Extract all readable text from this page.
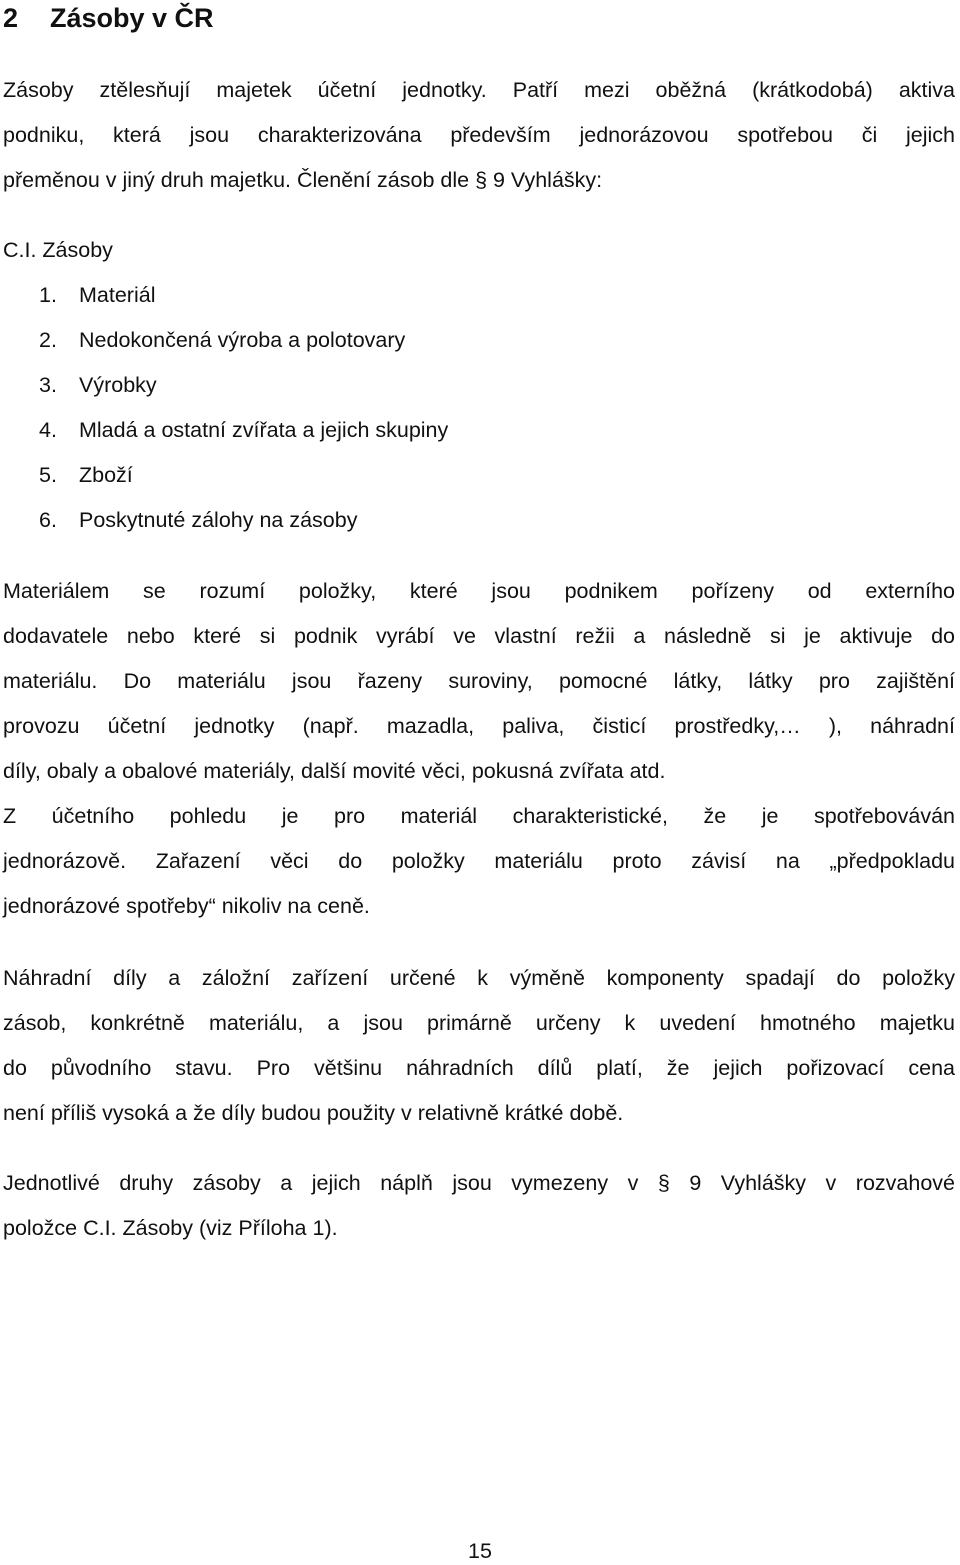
2 Zásoby v ČR

Zásoby ztělesňují majetek účetní jednotky. Patří mezi oběžná (krátkodobá) aktiva
podniku, která jsou charakterizována především jednorázovou spotřebou či jejich
přeměnou v jiný druh majetku. Členění zásob dle § 9 Vyhlášky:

C.I. Zásoby

1. Materiál
2. Nedokončená výroba a polotovary
3. Výrobky
4. Mladá a ostatní zvířata a jejich skupiny
5. Zboží
6. Poskytnuté zálohy na zásoby

Materiálem se rozumí položky, které jsou podnikem pořízeny od externího
dodavatele nebo které si podnik vyrábí ve vlastní režii a následně si je aktivuje do
materiálu. Do materiálu jsou řazeny suroviny, pomocné látky, látky pro zajištění
provozu účetní jednotky (např. mazadla, paliva, čisticí prostředky,… ), náhradní
díly, obaly a obalové materiály, další movité věci, pokusná zvířata atd.
Z účetního pohledu je pro materiál charakteristické, že je spotřebováván
jednorázově. Zařazení věci do položky materiálu proto závisí na „předpokladu
jednorázové spotřeby“ nikoliv na ceně.

Náhradní díly a záložní zařízení určené k výměně komponenty spadají do položky
zásob, konkrétně materiálu, a jsou primárně určeny k uvedení hmotného majetku
do původního stavu. Pro většinu náhradních dílů platí, že jejich pořizovací cena
není příliš vysoká a že díly budou použity v relativně krátké době.

Jednotlivé druhy zásoby a jejich náplň jsou vymezeny v § 9 Vyhlášky v rozvahové
položce C.I. Zásoby (viz Příloha 1).

15
